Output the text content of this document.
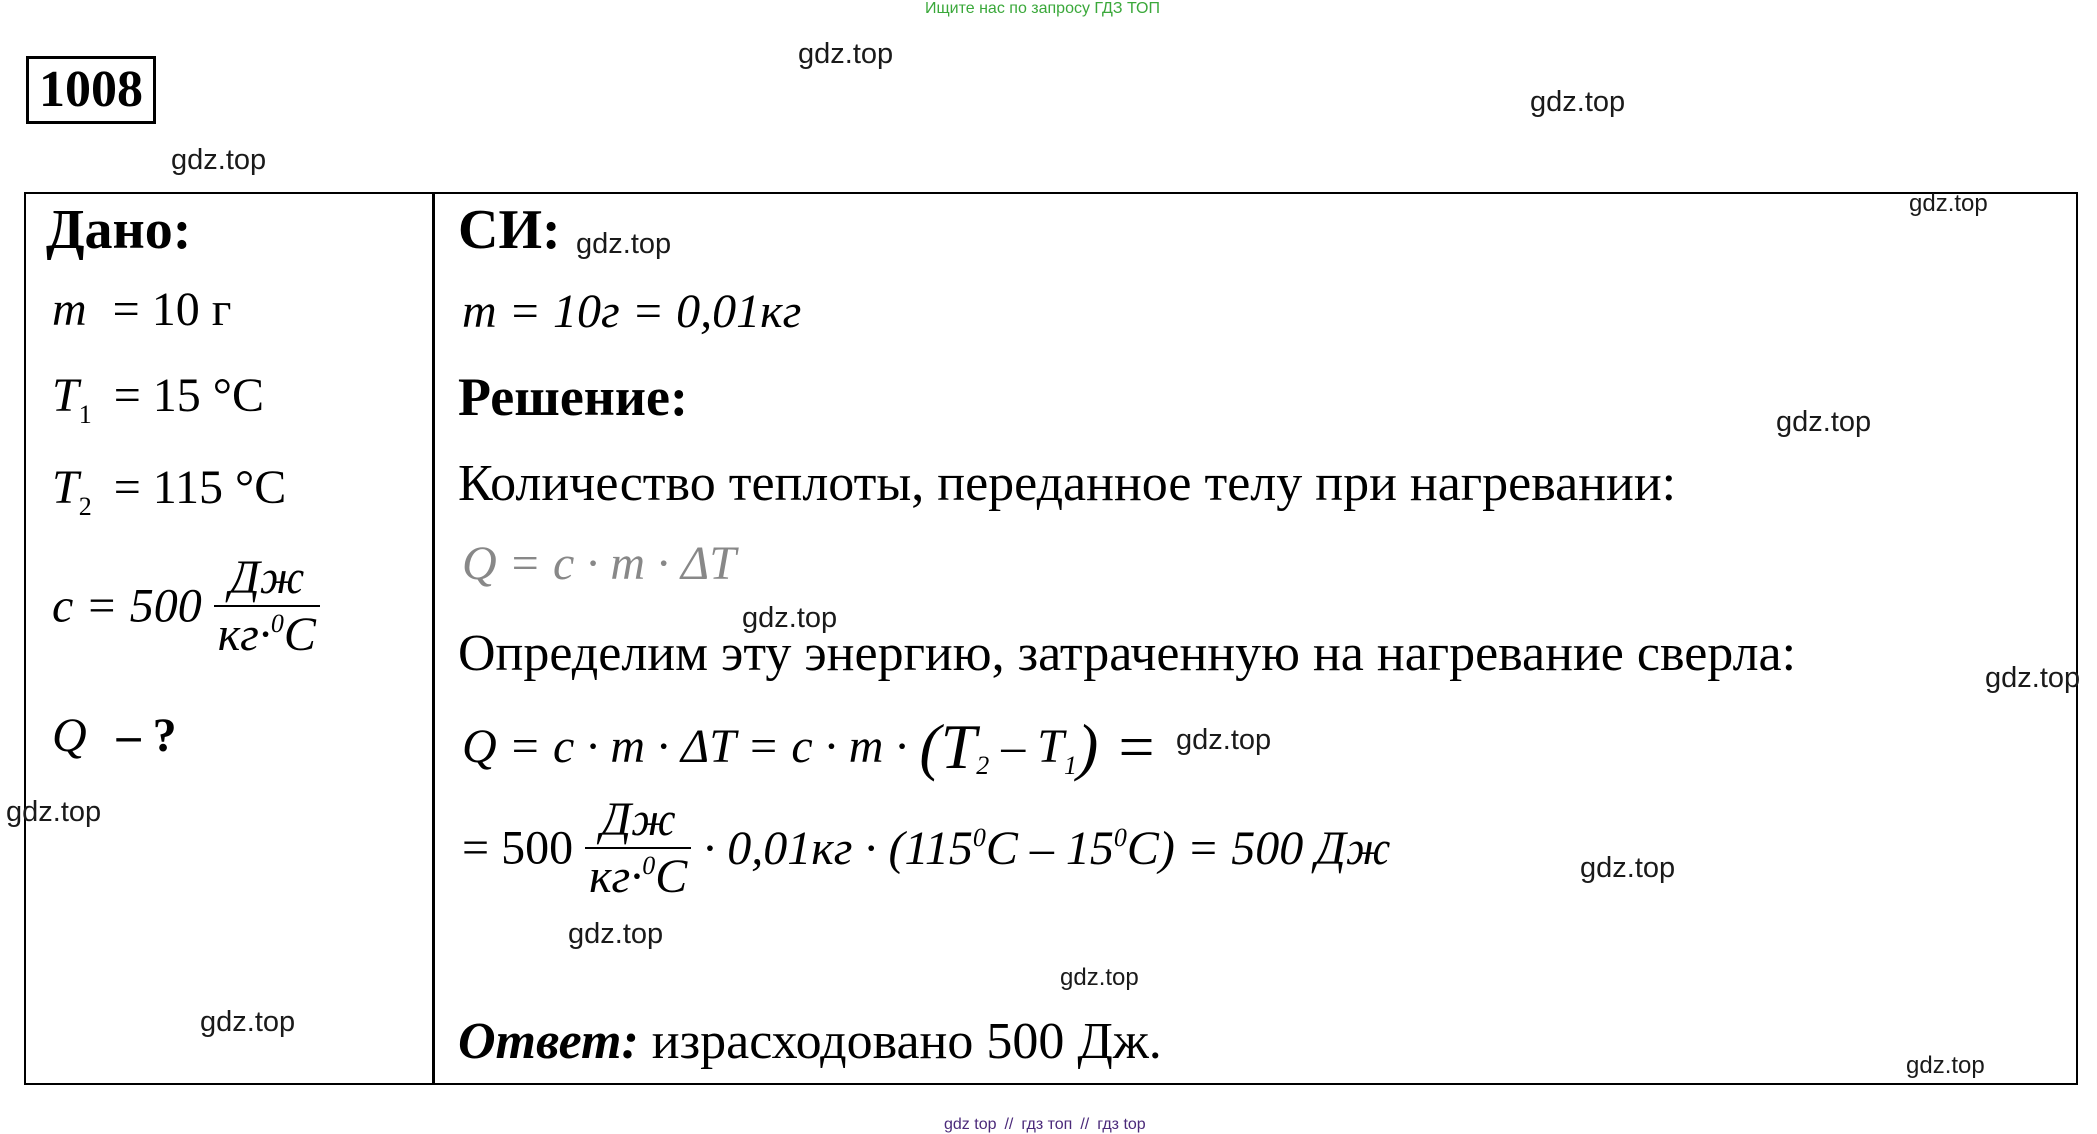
Ищите нас по запросу ГДЗ ТОП
1008
Дано:
m = 10 г
$T_1 = 15$ °C
$T_2 = 115$ °C
$c = 500 \frac{Дж}{кг\cdot^0C}$
Q – ?
СИ:
m = 10г = 0,01кг
Решение:
Количество теплоты, переданное телу при нагревании:
Q = c · m · ΔT
Определим эту энергию, затраченную на нагревание сверла:
$Q = c \cdot m \cdot \Delta T = c \cdot m \cdot (T_2 - T_1)$ =
= $500 \frac{Дж}{кг\cdot^0C} \cdot 0,01кг \cdot (115^0C - 15^0C) = 500$ Дж
Ответ: израсходовано 500 Дж.
gdz.top
gdz.top
gdz.top
gdz.top
gdz.top
gdz.top
gdz.top
gdz.top
gdz.top
gdz.top
gdz.top
gdz.top
gdz.top
gdz.top
gdz.top
gdz top // гдз топ // гдз top
